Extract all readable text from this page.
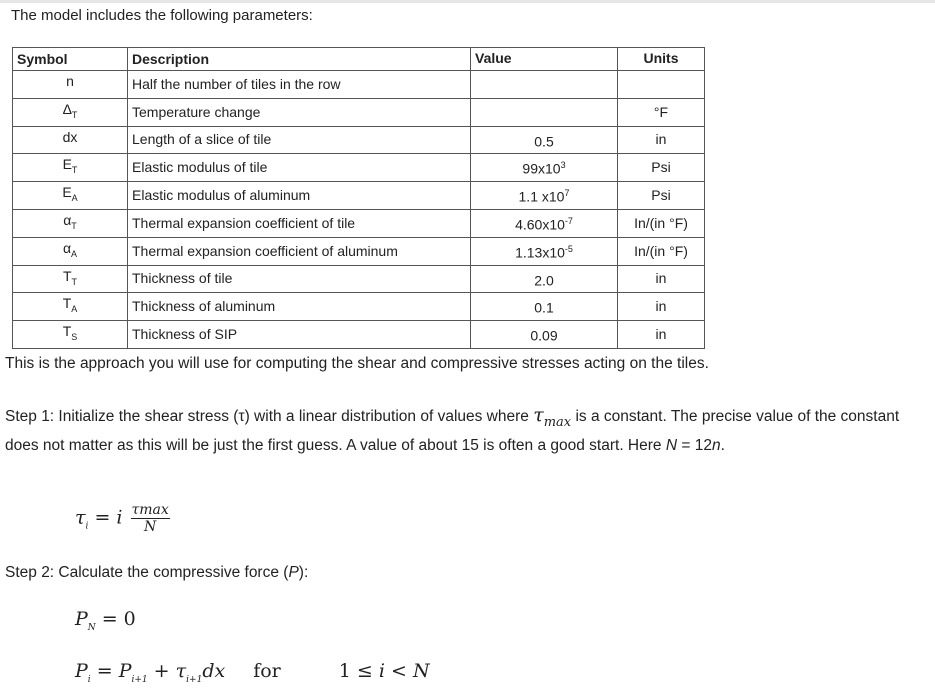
The model includes the following parameters:
Symbol	Description	Value	Units
n	Half the number of tiles in the row		
$\Delta_T$	Temperature change		°F
dx	Length of a slice of tile	0.5	in
$E_T$	Elastic modulus of tile	$99x10^3$	Psi
$E_A$	Elastic modulus of aluminum	1.1 $x10^7$	Psi
$\alpha_T$	Thermal expansion coefficient of tile	$4.60x10^{-7}$	In/(in °F)
$\alpha_A$	Thermal expansion coefficient of aluminum	$1.13x10^{-5}$	In/(in °F)
$T_T$	Thickness of tile	2.0	in
$T_A$	Thickness of aluminum	0.1	in
$T_S$	Thickness of SIP	0.09	in
This is the approach you will use for computing the shear and compressive stresses acting on the tiles.
Step 1: Initialize the shear stress (τ) with a linear distribution of values where $\tau_{max}$ is a constant. The precise value of the constant does not matter as this will be just the first guess. A value of about 15 is often a good start. Here N = 12n.
$\tau_i = i \frac{\tau\max}{N}$
Step 2: Calculate the compressive force (P):
$P_N = 0$
$P_i = P_{i+1} + \tau_{i+1}dx$ for	1 ≤ i < N
